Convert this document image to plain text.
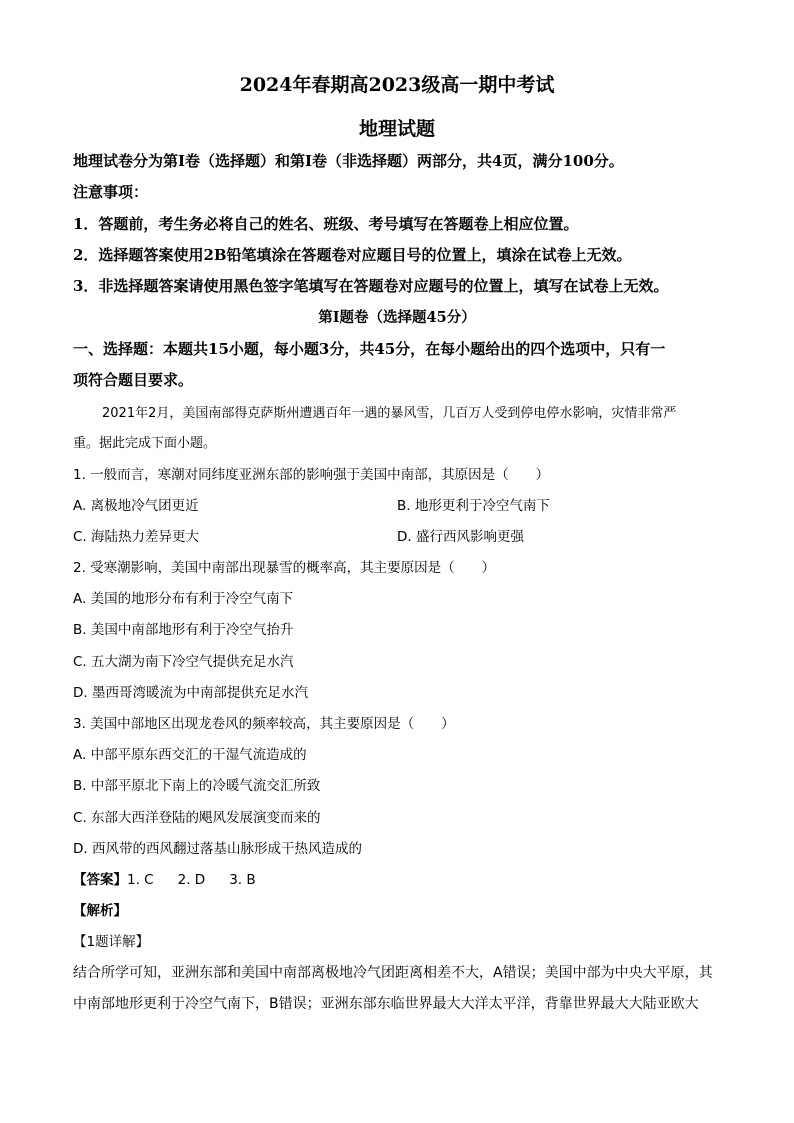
2024年春期高2023级高一期中考试
地理试题
地理试卷分为第I卷（选择题）和第I卷（非选择题）两部分，共4页，满分100分。
注意事项：
1．答题前，考生务必将自己的姓名、班级、考号填写在答题卷上相应位置。
2．选择题答案使用2B铅笔填涂在答题卷对应题目号的位置上，填涂在试卷上无效。
3．非选择题答案请使用黑色签字笔填写在答题卷对应题号的位置上，填写在试卷上无效。
第I题卷（选择题45分）
一、选择题：本题共15小题，每小题3分，共45分，在每小题给出的四个选项中，只有一
项符合题目要求。
2021年2月，美国南部得克萨斯州遭遇百年一遇的暴风雪，几百万人受到停电停水影响，灾情非常严
重。据此完成下面小题。
1. 一般而言，寒潮对同纬度亚洲东部的影响强于美国中南部，其原因是（　　）
A. 离极地冷气团更近	B. 地形更利于冷空气南下
C. 海陆热力差异更大	D. 盛行西风影响更强
2. 受寒潮影响，美国中南部出现暴雪的概率高，其主要原因是（　　）
A. 美国的地形分布有利于冷空气南下
B. 美国中南部地形有利于冷空气抬升
C. 五大湖为南下冷空气提供充足水汽
D. 墨西哥湾暖流为中南部提供充足水汽
3. 美国中部地区出现龙卷风的频率较高，其主要原因是（　　）
A. 中部平原东西交汇的干湿气流造成的
B. 中部平原北下南上的冷暖气流交汇所致
C. 东部大西洋登陆的飓风发展演变而来的
D. 西风带的西风翻过落基山脉形成干热风造成的
【答案】1. C 2. D 3. B
【解析】
【1题详解】
结合所学可知，亚洲东部和美国中南部离极地冷气团距离相差不大，A错误；美国中部为中央大平原，其
中南部地形更利于冷空气南下，B错误；亚洲东部东临世界最大大洋太平洋，背靠世界最大大陆亚欧大
